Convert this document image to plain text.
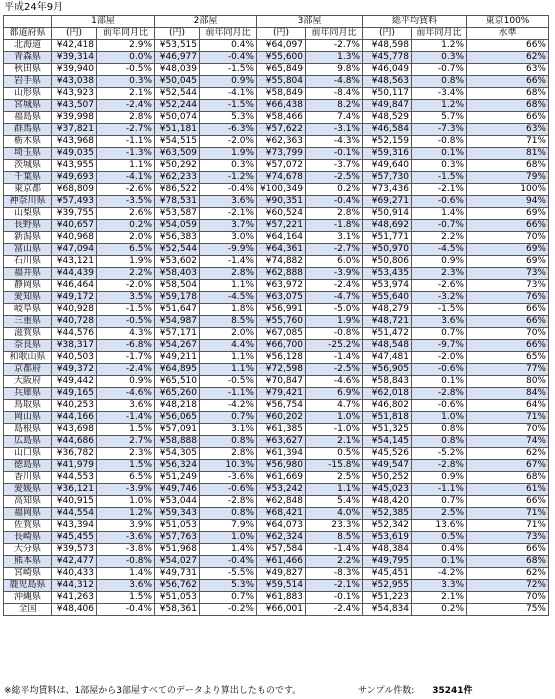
平成24年9月
	1部屋		2部屋		3部屋		総平均賃料		東京100%
都道府県	(円)	前年同月比	(円)	前年同月比	(円)	前年同月比	(円)	前年同月比	水準
北海道	¥42,418	2.9%	¥53,515	0.4%	¥64,097	-2.7%	¥48,598	1.2%	66%
青森県	¥39,314	0.0%	¥46,977	-0.4%	¥55,600	1.3%	¥45,778	0.3%	62%
秋田県	¥39,940	-0.5%	¥48,039	-1.5%	¥65,849	9.8%	¥46,049	-0.7%	63%
岩手県	¥43,038	0.3%	¥50,045	0.9%	¥55,804	-4.8%	¥48,563	0.8%	66%
山形県	¥43,923	2.1%	¥52,544	-4.1%	¥58,849	-8.4%	¥50,117	-3.4%	68%
宮城県	¥43,507	-2.4%	¥52,244	-1.5%	¥66,438	8.2%	¥49,847	1.2%	68%
福島県	¥39,998	2.8%	¥50,074	5.3%	¥58,466	7.4%	¥48,529	5.7%	66%
群馬県	¥37,821	-2.7%	¥51,181	-6.3%	¥57,622	-3.1%	¥46,584	-7.3%	63%
栃木県	¥43,968	-1.1%	¥54,515	-2.0%	¥62,363	-4.3%	¥52,159	-0.8%	71%
埼玉県	¥49,035	-1.3%	¥63,509	1.9%	¥73,799	-0.1%	¥59,316	0.1%	81%
茨城県	¥43,955	1.1%	¥50,292	0.3%	¥57,072	-3.7%	¥49,640	0.3%	68%
千葉県	¥49,693	-4.1%	¥62,233	-1.2%	¥74,678	-2.5%	¥57,730	-1.5%	79%
東京都	¥68,809	-2.6%	¥86,522	-0.4%	¥100,349	0.2%	¥73,436	-2.1%	100%
神奈川県	¥57,493	-3.5%	¥78,531	3.6%	¥90,351	-0.4%	¥69,271	-0.6%	94%
山梨県	¥39,755	2.6%	¥53,587	-2.1%	¥60,524	2.8%	¥50,914	1.4%	69%
長野県	¥40,657	0.2%	¥54,059	3.7%	¥57,221	-1.8%	¥48,692	-0.7%	66%
新潟県	¥40,968	2.0%	¥56,383	3.0%	¥64,164	3.1%	¥51,771	2.2%	70%
富山県	¥47,094	6.5%	¥52,544	-9.9%	¥64,361	-2.7%	¥50,970	-4.5%	69%
石川県	¥43,121	1.9%	¥53,602	-1.4%	¥74,882	6.0%	¥50,806	0.9%	69%
福井県	¥44,439	2.2%	¥58,403	2.8%	¥62,888	-3.9%	¥53,435	2.3%	73%
静岡県	¥46,464	-2.0%	¥58,504	1.1%	¥63,972	-2.4%	¥53,974	-2.6%	73%
愛知県	¥49,172	3.5%	¥59,178	-4.5%	¥63,075	-4.7%	¥55,640	-3.2%	76%
岐阜県	¥40,928	-1.5%	¥51,647	1.8%	¥56,991	-5.0%	¥48,279	-1.5%	66%
三重県	¥40,728	-0.5%	¥54,987	8.5%	¥55,760	1.9%	¥48,721	3.6%	66%
滋賀県	¥44,576	4.3%	¥57,171	2.0%	¥67,085	-0.8%	¥51,472	0.7%	70%
奈良県	¥38,317	-6.8%	¥54,267	4.4%	¥66,700	-25.2%	¥48,548	-9.7%	66%
和歌山県	¥40,503	-1.7%	¥49,211	1.1%	¥56,128	-1.4%	¥47,481	-2.0%	65%
京都府	¥49,372	-2.4%	¥64,895	1.1%	¥72,598	-2.5%	¥56,905	-0.6%	77%
大阪府	¥49,442	0.9%	¥65,510	-0.5%	¥70,847	-4.6%	¥58,843	0.1%	80%
兵庫県	¥49,165	-4.6%	¥65,260	-1.1%	¥79,421	6.9%	¥62,018	-2.8%	84%
鳥取県	¥40,253	3.6%	¥48,218	-4.2%	¥56,754	4.7%	¥46,802	-0.6%	64%
岡山県	¥44,166	-1.4%	¥56,065	0.7%	¥60,202	1.0%	¥51,818	1.0%	71%
島根県	¥43,698	1.5%	¥57,091	3.1%	¥61,385	-1.0%	¥51,325	0.8%	70%
広島県	¥44,686	2.7%	¥58,888	0.8%	¥63,627	2.1%	¥54,145	0.8%	74%
山口県	¥36,782	2.3%	¥54,305	2.8%	¥61,394	0.5%	¥45,526	-5.2%	62%
徳島県	¥41,979	1.5%	¥56,324	10.3%	¥56,980	-15.8%	¥49,547	-2.8%	67%
香川県	¥44,553	6.5%	¥51,249	-3.6%	¥61,669	2.5%	¥50,252	0.9%	68%
愛媛県	¥36,121	-3.9%	¥49,746	-0.6%	¥53,242	1.1%	¥45,023	-1.1%	61%
高知県	¥40,915	1.0%	¥53,044	-2.8%	¥62,848	5.4%	¥48,420	0.7%	66%
福岡県	¥44,554	1.2%	¥59,343	0.8%	¥68,421	4.0%	¥52,385	2.5%	71%
佐賀県	¥43,394	3.9%	¥51,053	7.9%	¥64,073	23.3%	¥52,342	13.6%	71%
長崎県	¥45,455	-3.6%	¥57,763	1.0%	¥62,324	8.5%	¥53,619	0.5%	73%
大分県	¥39,573	-3.8%	¥51,968	1.4%	¥57,584	-1.4%	¥48,384	0.4%	66%
熊本県	¥42,477	-0.8%	¥54,027	-0.4%	¥61,466	2.2%	¥49,795	0.1%	68%
宮崎県	¥40,433	1.4%	¥49,731	-5.5%	¥49,827	-8.3%	¥45,451	-4.2%	62%
鹿児島県	¥44,312	3.6%	¥56,762	5.3%	¥59,514	-2.1%	¥52,955	3.3%	72%
沖縄県	¥41,263	1.5%	¥51,053	0.7%	¥61,883	-0.1%	¥51,223	2.1%	70%
全国	¥48,406	-0.4%	¥58,361	-0.2%	¥66,001	-2.4%	¥54,834	0.2%	75%
※総平均賃料は、1部屋から3部屋すべてのデータより算出したものです。	サンプル件数: 35241件
